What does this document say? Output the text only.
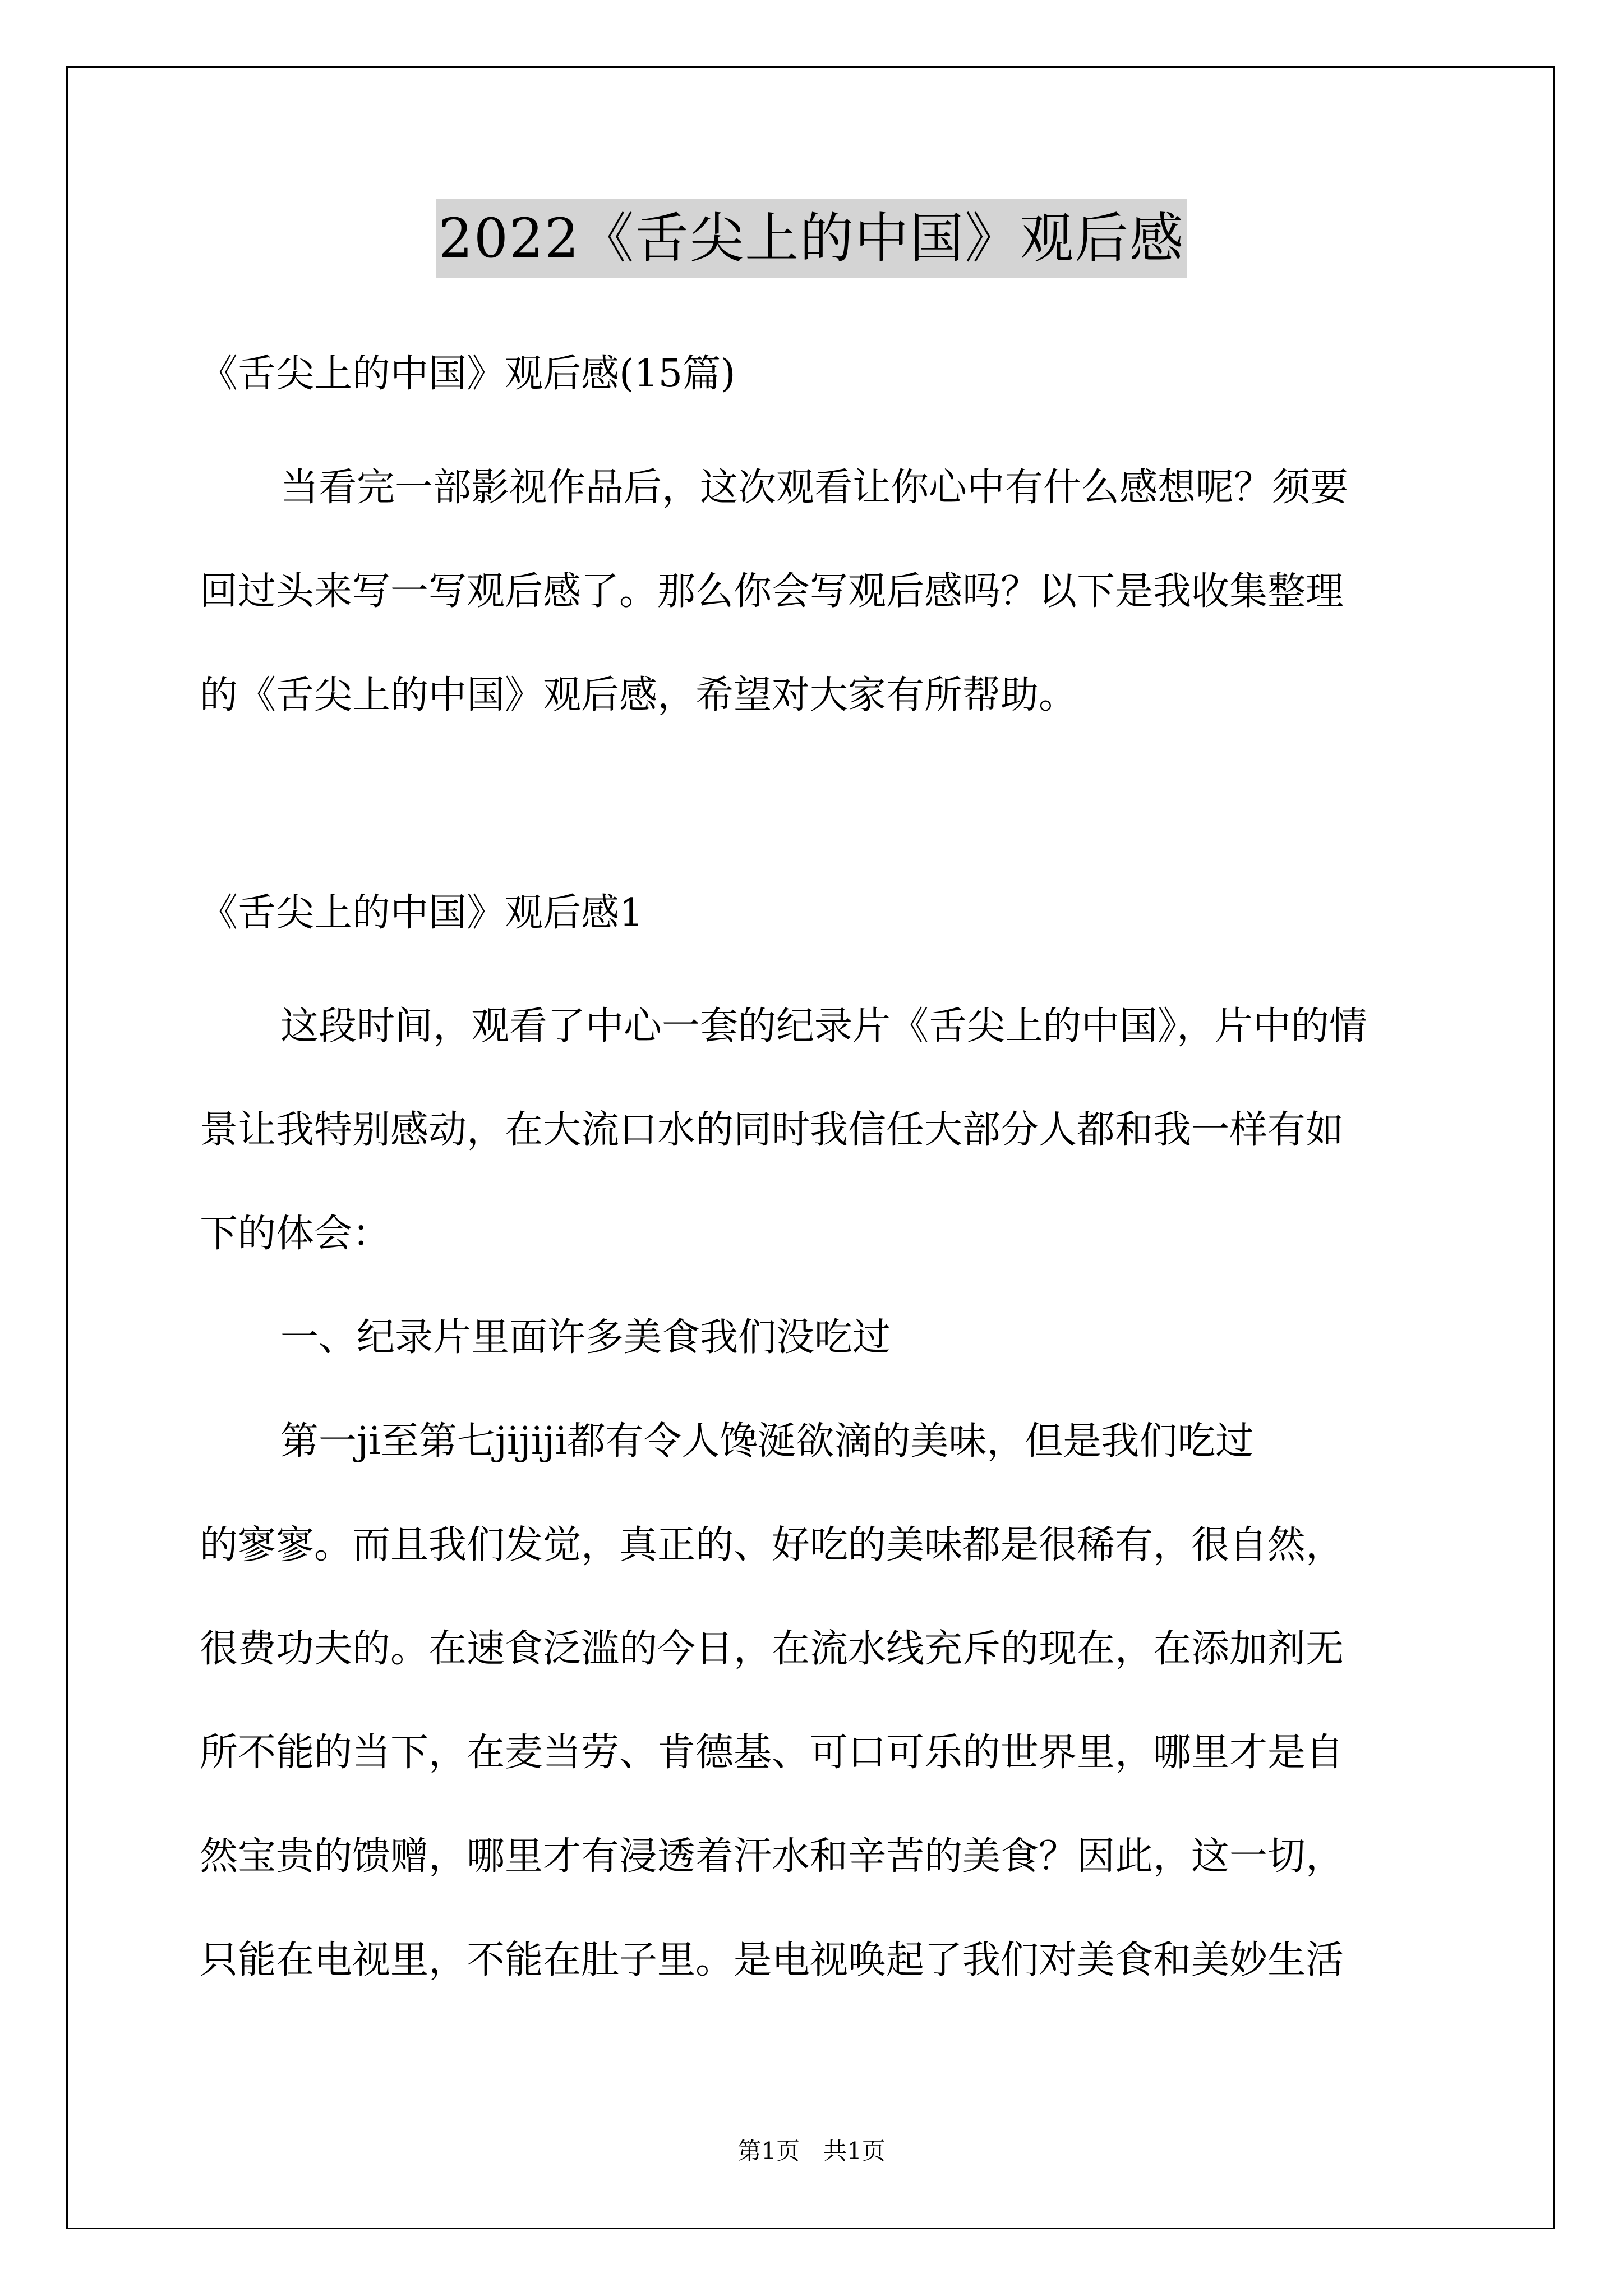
2022《舌尖上的中国》观后感
《舌尖上的中国》观后感(15篇)
当看完一部影视作品后，这次观看让你心中有什么感想呢？须要
回过头来写一写观后感了。那么你会写观后感吗？以下是我收集整理
的《舌尖上的中国》观后感，希望对大家有所帮助。
《舌尖上的中国》观后感1
这段时间，观看了中心一套的纪录片《舌尖上的中国》，片中的情
景让我特别感动，在大流口水的同时我信任大部分人都和我一样有如
下的体会：
一、纪录片里面许多美食我们没吃过
第一ji至第七jijiji都有令人馋涎欲滴的美味，但是我们吃过
的寥寥。而且我们发觉，真正的、好吃的美味都是很稀有，很自然，
很费功夫的。在速食泛滥的今日，在流水线充斥的现在，在添加剂无
所不能的当下，在麦当劳、肯德基、可口可乐的世界里，哪里才是自
然宝贵的馈赠，哪里才有浸透着汗水和辛苦的美食？因此，这一切，
只能在电视里，不能在肚子里。是电视唤起了我们对美食和美妙生活
第1页　共1页
